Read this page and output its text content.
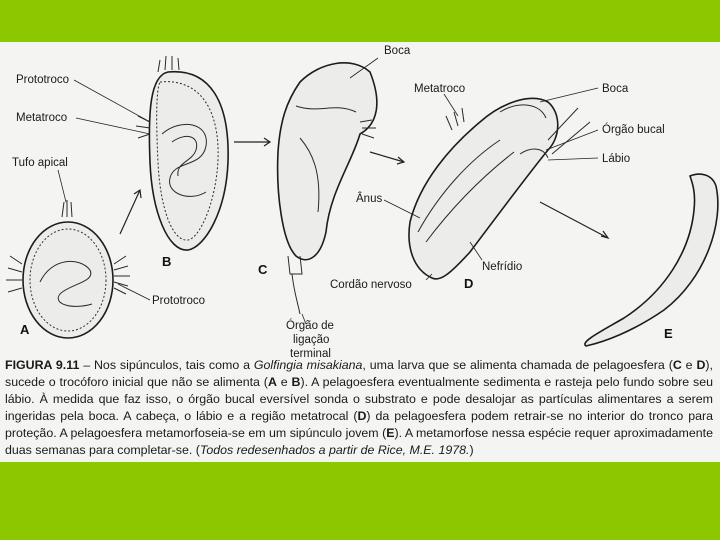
Boca
Prototroco
Metatroco
Tufo apical
Prototroco
Metatroco	Boca
Órgão bucal
Lábio
Ânus
Nefrídio
Cordão nervoso
Órgão de
ligação
terminal
A
B
C
D
E
FIGURA 9.11 – Nos sipúnculos, tais como a Golfingia misakiana, uma larva que se alimenta chamada de pelagoesfera (C e D), sucede o trocóforo inicial que não se alimenta (A e B). A pelagoesfera eventualmente sedimenta e rasteja pelo fundo sobre seu lábio. À medida que faz isso, o órgão bucal eversível sonda o substrato e pode desalojar as partículas alimentares a serem ingeridas pela boca. A cabeça, o lábio e a região metatrocal (D) da pelagoesfera podem retrair-se no interior do tronco para proteção. A pelagoesfera metamorfoseia-se em um sipúnculo jovem (E). A metamorfose nessa espécie requer aproximadamente duas semanas para completar-se. (Todos redesenhados a partir de Rice, M.E. 1978.)
